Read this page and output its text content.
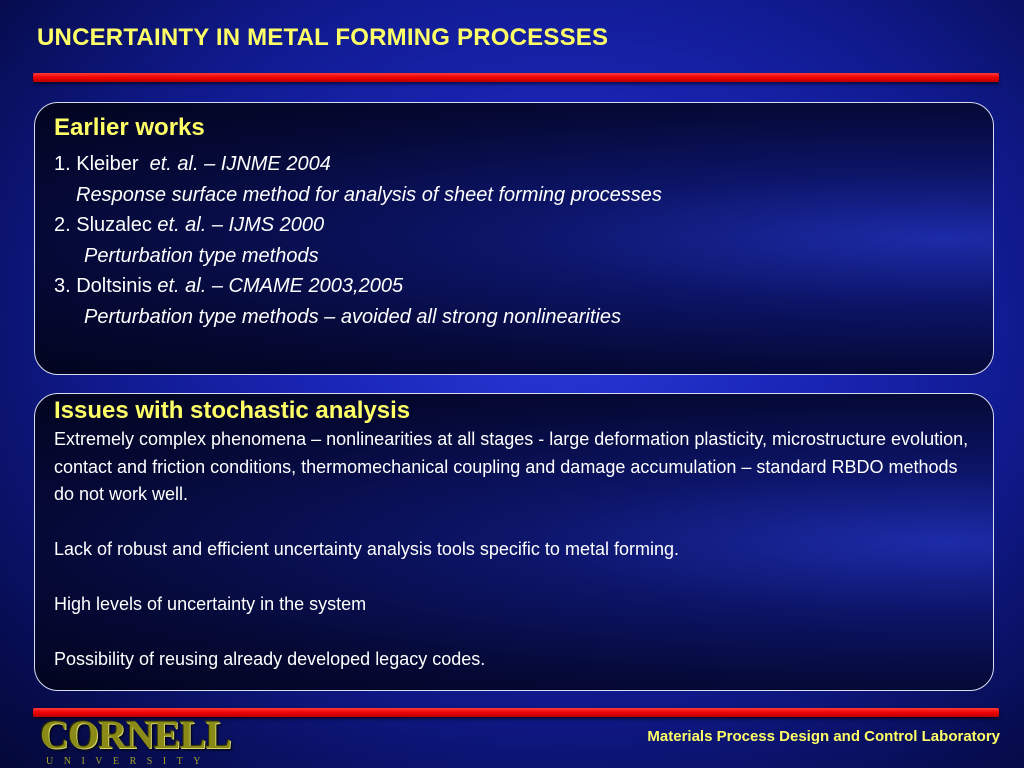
UNCERTAINTY IN METAL FORMING PROCESSES
Earlier works
1. Kleiber  et. al. – IJNME 2004
Response surface method for analysis of sheet forming processes
2. Sluzalec et. al. – IJMS 2000
Perturbation type methods
3. Doltsinis et. al. – CMAME 2003,2005
Perturbation type methods – avoided all strong nonlinearities
Issues with stochastic analysis
Extremely complex phenomena – nonlinearities at all stages - large deformation plasticity, microstructure evolution, contact and friction conditions, thermomechanical coupling and damage accumulation – standard RBDO methods do not work well.
Lack of robust and efficient uncertainty analysis tools specific to metal forming.
High levels of uncertainty in the system
Possibility of reusing already developed legacy codes.
CORNELL
UNIVERSITY
Materials Process Design and Control Laboratory
